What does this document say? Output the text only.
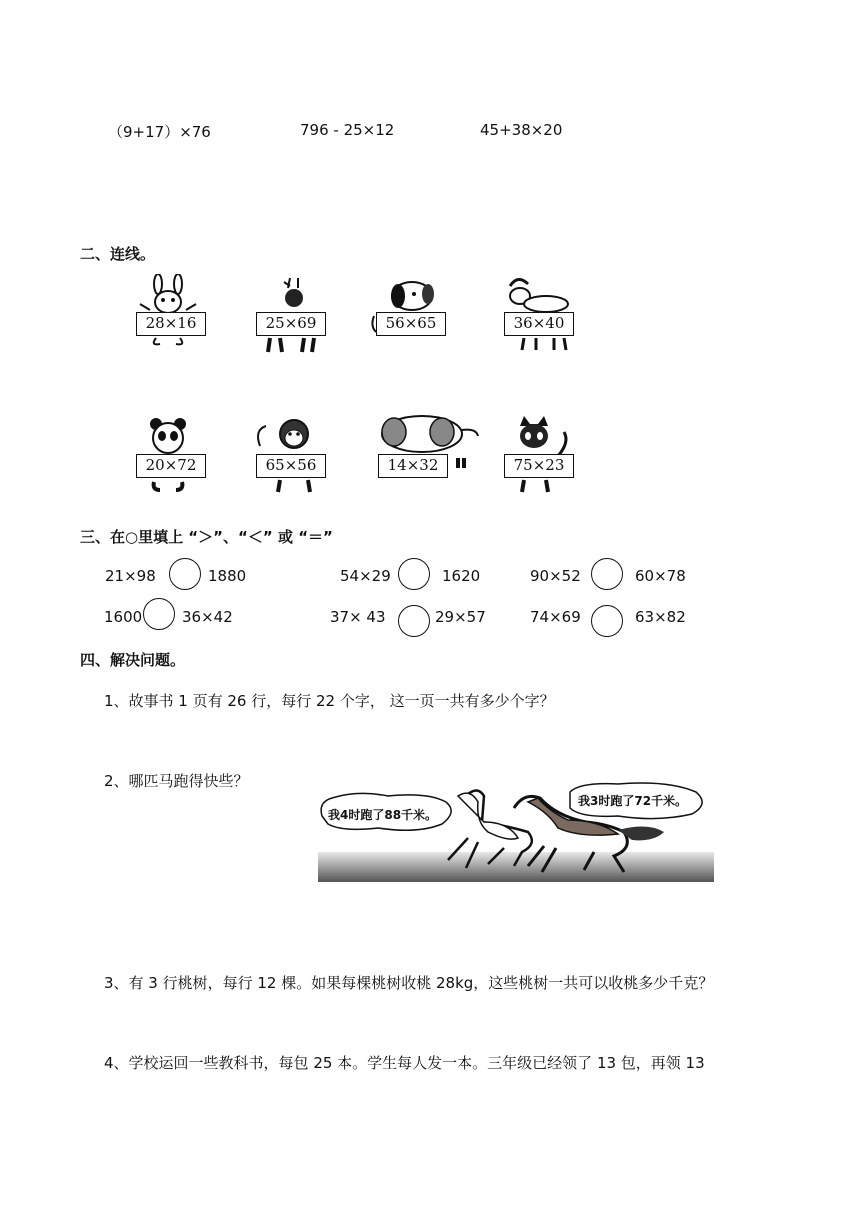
（9+17）×76	796 - 25×12	45+38×20
二、连线。
28×16	25×69	56×65	36×40
20×72	65×56	14×32	75×23
三、在○里填上 “＞”、“＜” 或 “＝”
21×98	1880	54×29	1620	90×52	60×78
1600	36×42	37× 43	29×57	74×69	63×82
四、解决问题。
1、故事书 1 页有 26 行，每行 22 个字， 这一页一共有多少个字？
2、哪匹马跑得快些？
我4时跑了88千米。
我3时跑了72千米。
3、有 3 行桃树，每行 12 棵。如果每棵桃树收桃 28kg，这些桃树一共可以收桃多少千克？
4、学校运回一些教科书，每包 25 本。学生每人发一本。三年级已经领了 13 包，再领 13
